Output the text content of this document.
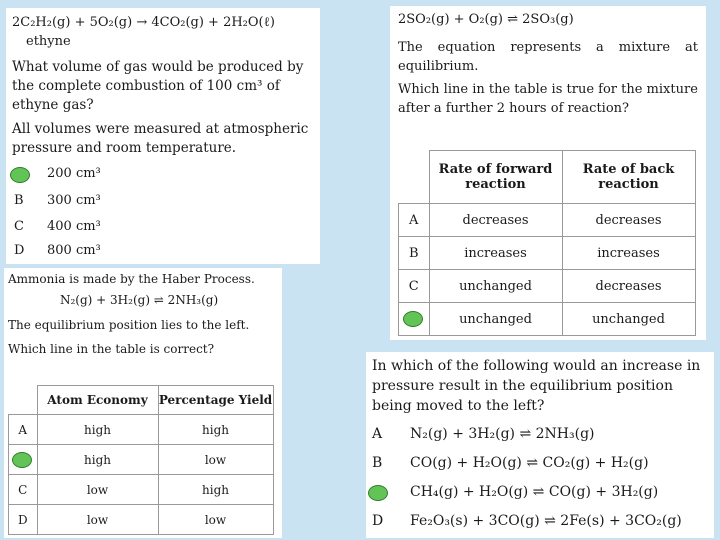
2C₂H₂(g) + 5O₂(g) → 4CO₂(g) + 2H₂O(ℓ)
ethyne
What volume of gas would be produced by the complete combustion of 100 cm³ of ethyne gas?
All volumes were measured at atmospheric pressure and room temperature.
200 cm³
B 300 cm³
C 400 cm³
D 800 cm³
Ammonia is made by the Haber Process.
N₂(g) + 3H₂(g) ⇌ 2NH₃(g)
The equilibrium position lies to the left.
Which line in the table is correct?
	Atom Economy	Percentage Yield
A	high	high

	high	low
C	low	high
D	low	low
2SO₂(g) + O₂(g) ⇌ 2SO₃(g)
The equation represents a mixture at equilibrium.
Which line in the table is true for the mixture after a further 2 hours of reaction?
	Rate of forward reaction	Rate of back reaction
A	decreases	decreases
B	increases	increases
C	unchanged	decreases

	unchanged	unchanged
In which of the following would an increase in pressure result in the equilibrium position being moved to the left?
A N₂(g) + 3H₂(g) ⇌ 2NH₃(g)
B CO(g) + H₂O(g) ⇌ CO₂(g) + H₂(g)
CH₄(g) + H₂O(g) ⇌ CO(g) + 3H₂(g)
D Fe₂O₃(s) + 3CO(g) ⇌ 2Fe(s) + 3CO₂(g)
